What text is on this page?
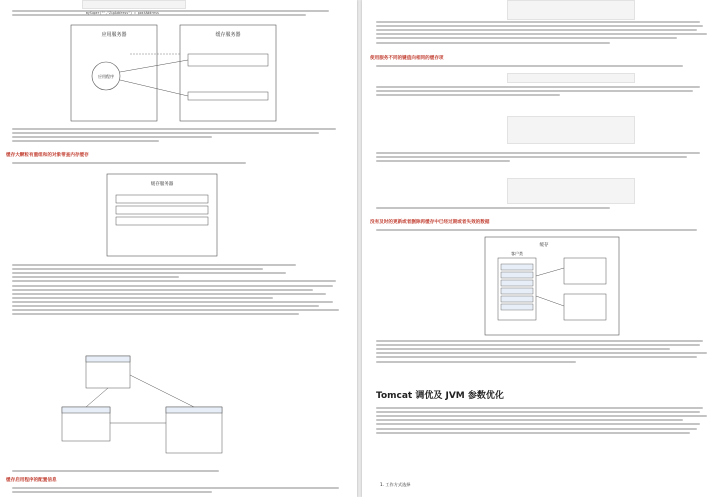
mySuper("","ZipAddress") = postAddress

应用服务器
应用程序
缓存服务器
缓存大颗粒有重组和的对象带查内存缓存
缓存服务器
缓存启用程序的配置信息

使用服务不同的键值向相同的缓存项

没有及时的更新或者删除再缓存中已经过期或者失效的数据
缓存
客户类
Tomcat 调优及 JVM 参数优化
1. 工作方式选择
